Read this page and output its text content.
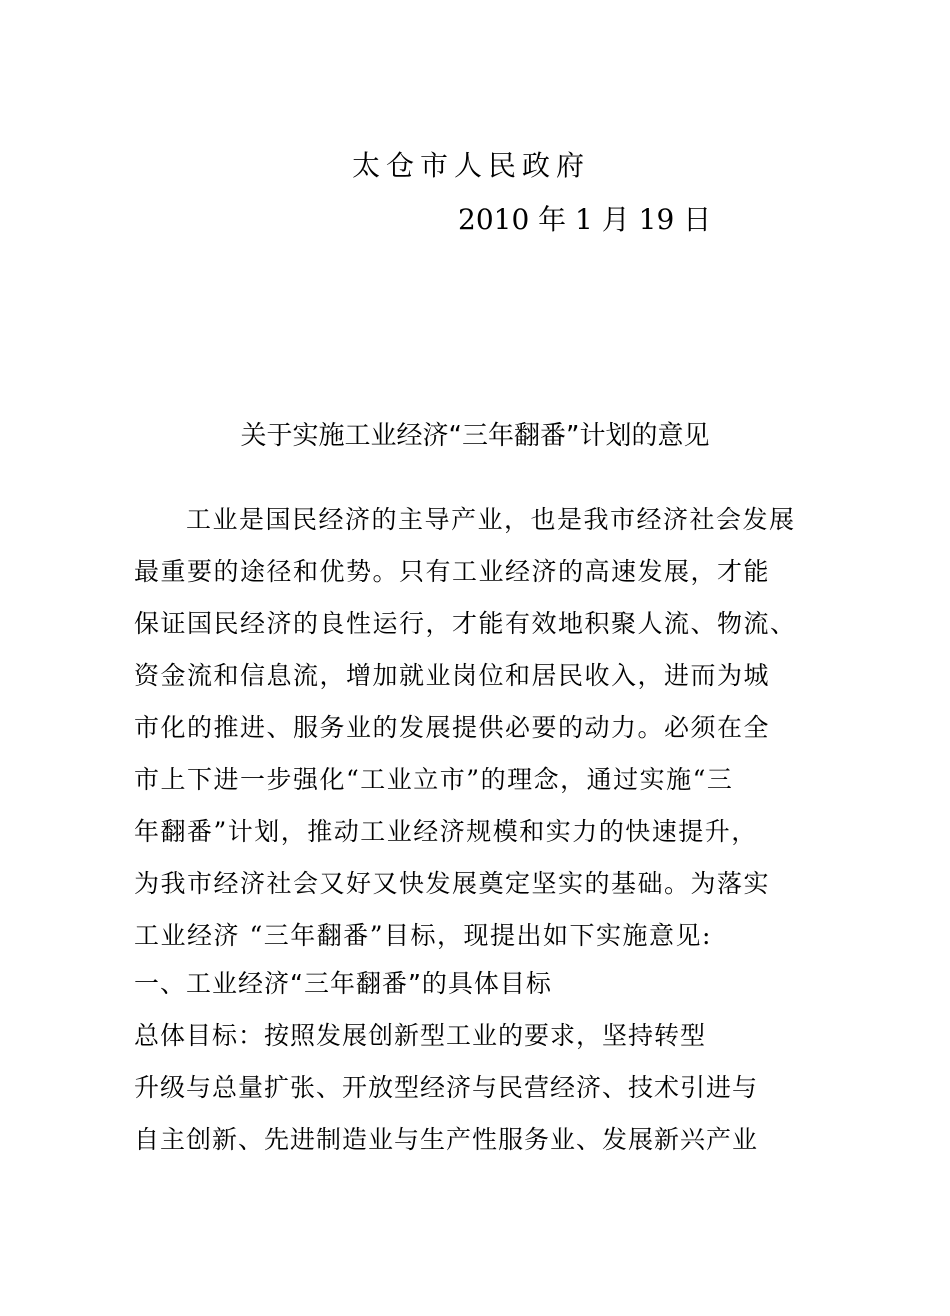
太仓市人民政府
2010 年 1 月 19 日
关于实施工业经济“三年翻番”计划的意见
工业是国民经济的主导产业，也是我市经济社会发展
最重要的途径和优势。只有工业经济的高速发展，才能
保证国民经济的良性运行，才能有效地积聚人流、物流、
资金流和信息流，增加就业岗位和居民收入，进而为城
市化的推进、服务业的发展提供必要的动力。必须在全
市上下进一步强化“工业立市”的理念，通过实施“三
年翻番”计划，推动工业经济规模和实力的快速提升，
为我市经济社会又好又快发展奠定坚实的基础。为落实
工业经济 “三年翻番”目标，现提出如下实施意见:
一、工业经济“三年翻番”的具体目标
总体目标：按照发展创新型工业的要求，坚持转型
升级与总量扩张、开放型经济与民营经济、技术引进与
自主创新、先进制造业与生产性服务业、发展新兴产业
